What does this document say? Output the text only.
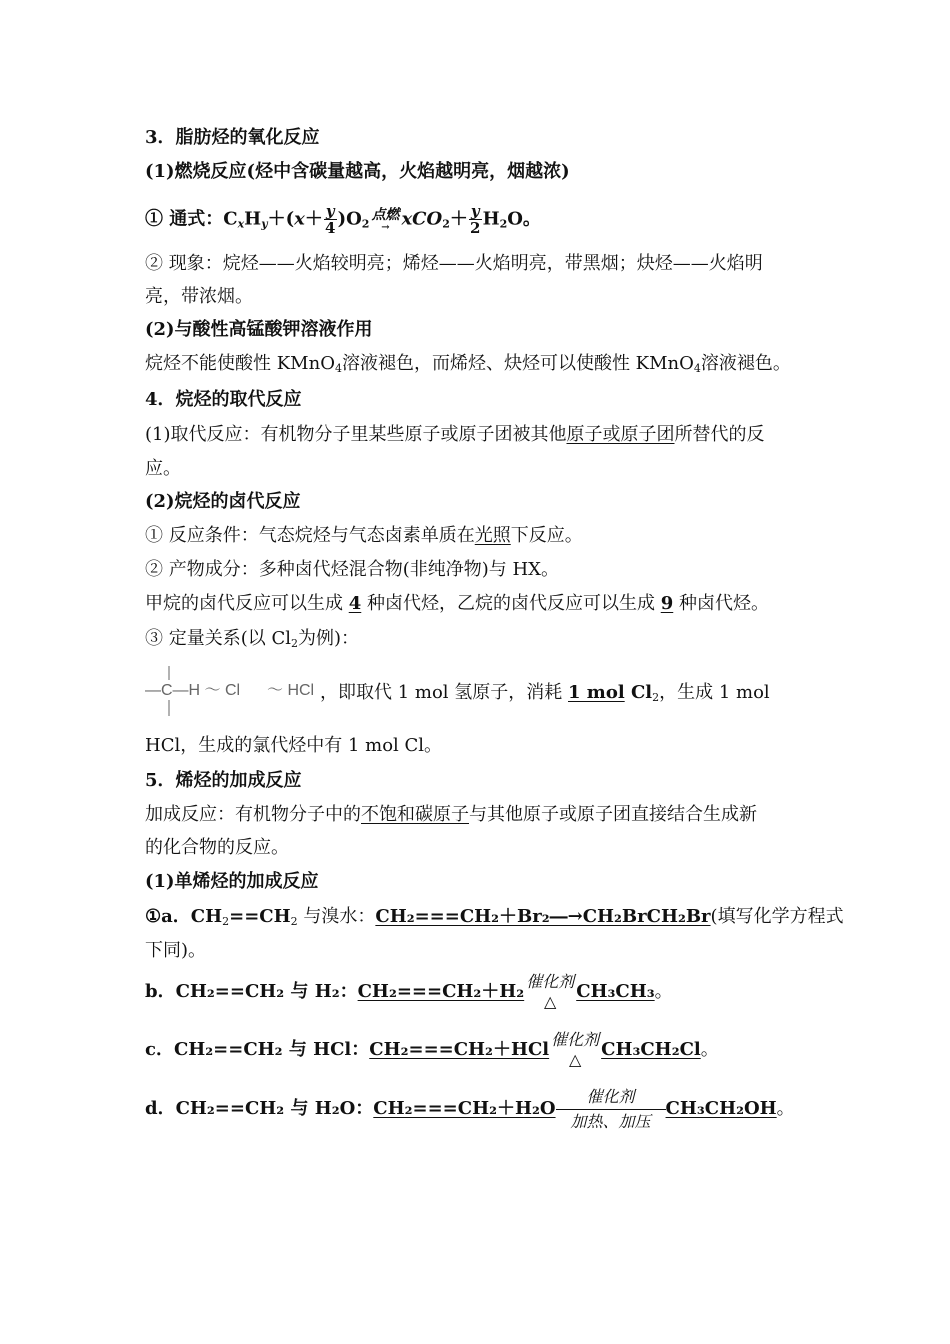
3．脂肪烃的氧化反应
(1)燃烧反应(烃中含碳量越高，火焰越明亮，烟越浓)
① 通式：$C_xH_y+(x+ \frac{y}{4} )O_2$
点燃
→ $xCO_2+ \frac{y}{2} H_2O$。
② 现象：烷烃——火焰较明亮；烯烃——火焰明亮，带黑烟；炔烃——火焰明
亮，带浓烟。
(2)与酸性高锰酸钾溶液作用
烷烃不能使酸性 KMnO$_4$溶液褪色，而烯烃、炔烃可以使酸性 KMnO$_4$溶液褪色。
4．烷烃的取代反应
(1)取代反应：有机物分子里某些原子或原子团被其他原子或原子团所替代的反
应。
(2)烷烃的卤代反应
① 反应条件：气态烷烃与气态卤素单质在光照下反应。
② 产物成分：多种卤代烃混合物(非纯净物)与 HX。
甲烷的卤代反应可以生成 4 种卤代烃，乙烷的卤代反应可以生成 9 种卤代烃。
③ 定量关系(以 $Cl_2$为例)：
—C—H ～ Cl ～ HCl ，即取代 1 mol 氢原子，消耗 1 mol $Cl_2$，生成 1 mol
HCl，生成的氯代烃中有 1 mol Cl。
5．烯烃的加成反应
加成反应：有机物分子中的不饱和碳原子与其他原子或原子团直接结合生成新
的化合物的反应。
(1)单烯烃的加成反应
①a．$CH_2==CH_2$ 与溴水：CH₂===CH₂＋Br₂―→CH₂BrCH₂Br(填写化学方程式
下同)。
b．CH₂==CH₂ 与 H₂：CH₂===CH₂＋H₂ 催化剂
△	CH₃CH₃。
c．CH₂==CH₂ 与 HCl：CH₂===CH₂＋HCl 催化剂
△	CH₃CH₂Cl。
d．CH₂==CH₂ 与 H₂O：CH₂===CH₂＋H₂O
催化剂
加热、加压
CH₃CH₂OH。
